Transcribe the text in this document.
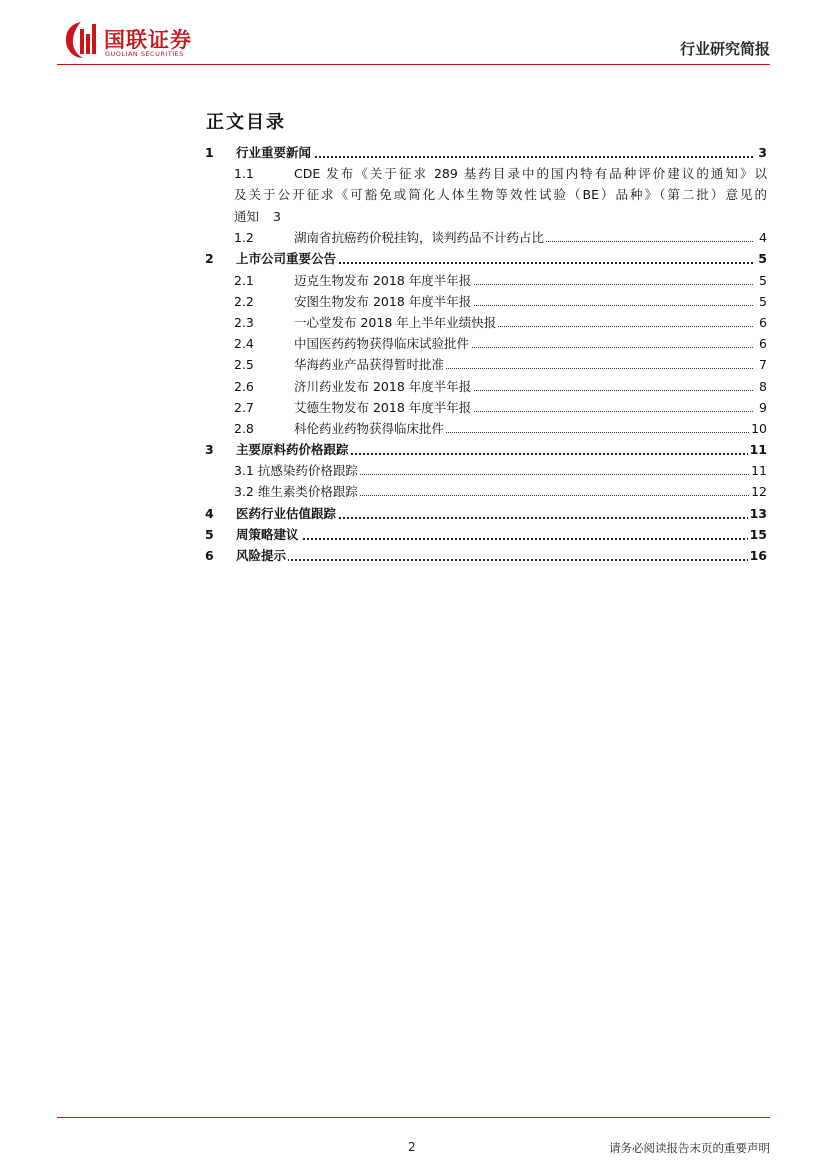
国联证券
GUOLIAN SECURITIES	行业研究简报
正文目录
1 行业重要新闻	3
1.1	CDE 发布《关于征求 289 基药目录中的国内特有品种评价建议的通知》以
及关于公开征求《可豁免或简化人体生物等效性试验（BE）品种》（第二批）意见的
通知 3
1.2	湖南省抗癌药价税挂钩，谈判药品不计药占比	4
2 上市公司重要公告	5
2.1	迈克生物发布 2018 年度半年报	5
2.2	安图生物发布 2018 年度半年报	5
2.3	一心堂发布 2018 年上半年业绩快报	6
2.4	中国医药药物获得临床试验批件	6
2.5	华海药业产品获得暂时批准	7
2.6	济川药业发布 2018 年度半年报	8
2.7	艾德生物发布 2018 年度半年报	9
2.8	科伦药业药物获得临床批件	10
3 主要原料药价格跟踪	11
3.1 抗感染药价格跟踪	11
3.2 维生素类价格跟踪	12
4 医药行业估值跟踪	13
5 周策略建议	15
6 风险提示	16
2	请务必阅读报告末页的重要声明
